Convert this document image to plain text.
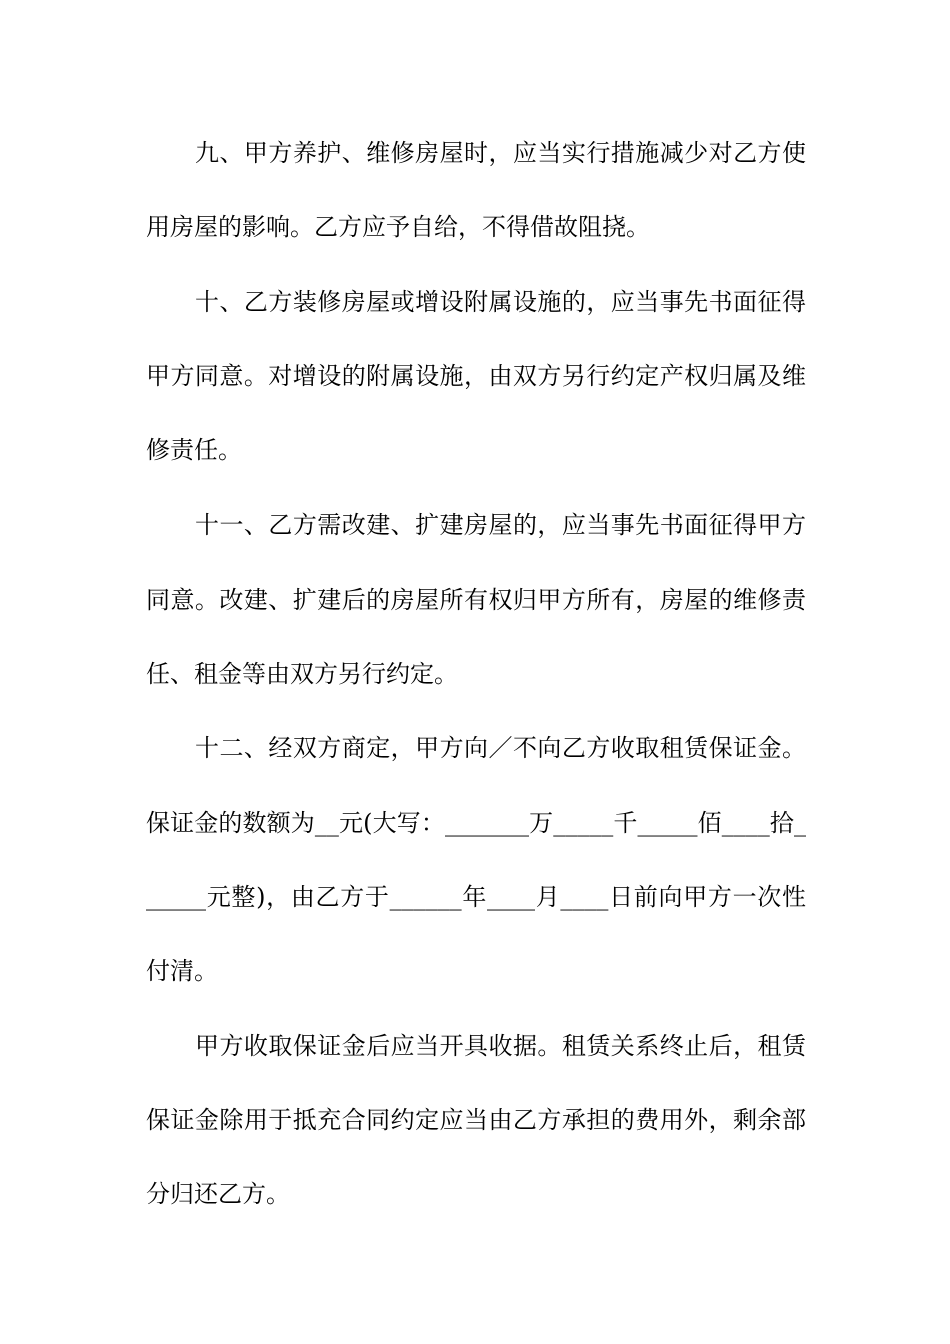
九、甲方养护、维修房屋时，应当实行措施减少对乙方使
用房屋的影响。乙方应予自给，不得借故阻挠。
十、乙方装修房屋或增设附属设施的，应当事先书面征得
甲方同意。对增设的附属设施，由双方另行约定产权归属及维
修责任。
十一、乙方需改建、扩建房屋的，应当事先书面征得甲方
同意。改建、扩建后的房屋所有权归甲方所有，房屋的维修责
任、租金等由双方另行约定。
十二、经双方商定，甲方向／不向乙方收取租赁保证金。
保证金的数额为__元(大写：_______万_____千_____佰____拾_
_____元整)，由乙方于______年____月____日前向甲方一次性
付清。
甲方收取保证金后应当开具收据。租赁关系终止后，租赁
保证金除用于抵充合同约定应当由乙方承担的费用外，剩余部
分归还乙方。
